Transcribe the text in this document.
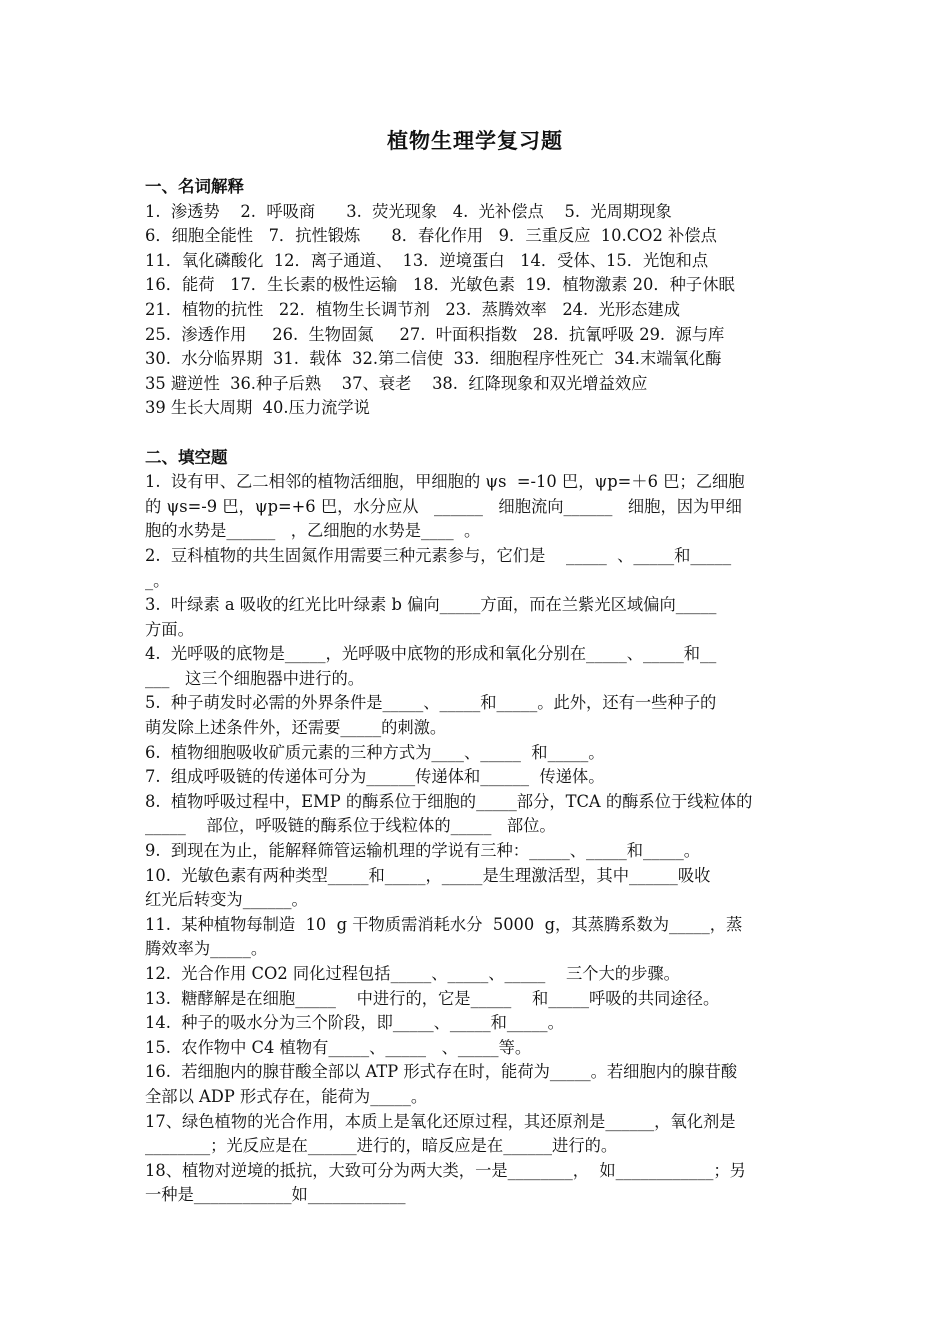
植物生理学复习题
一、名词解释
1.  渗透势    2.  呼吸商      3.  荧光现象   4.  光补偿点    5.  光周期现象
6．细胞全能性   7．抗性锻炼      8．春化作用   9．三重反应  10.CO2 补偿点
11．氧化磷酸化  12．离子通道、  13．逆境蛋白   14．受体、15．光饱和点
16．能荷   17．生长素的极性运输   18．光敏色素  19．植物激素 20．种子休眠
21．植物的抗性   22．植物生长调节剂   23.  蒸腾效率   24.  光形态建成
25.  渗透作用     26.  生物固氮     27.  叶面积指数   28.  抗氰呼吸 29.  源与库
30.  水分临界期  31.  载体  32.第二信使  33.  细胞程序性死亡  34.末端氧化酶
35 避逆性  36.种子后熟    37、衰老    38.  红降现象和双光增益效应
39 生长大周期  40.压力流学说
二、填空题
1.  设有甲、乙二相邻的植物活细胞，甲细胞的 ψs  =-10 巴，ψp=＋6 巴；乙细胞
的 ψs=-9 巴，ψp=+6 巴，水分应从   ______   细胞流向______   细胞，因为甲细
胞的水势是______   ，乙细胞的水势是____  。
2.  豆科植物的共生固氮作用需要三种元素参与，它们是    _____  、_____和_____
_。
3.  叶绿素 a 吸收的红光比叶绿素 b 偏向_____方面，而在兰紫光区域偏向_____
方面。
4.  光呼吸的底物是_____，光呼吸中底物的形成和氧化分别在_____、_____和__
___   这三个细胞器中进行的。
5.  种子萌发时必需的外界条件是_____、_____和_____。此外，还有一些种子的
萌发除上述条件外，还需要_____的刺激。
6.  植物细胞吸收矿质元素的三种方式为____、_____  和_____。
7.  组成呼吸链的传递体可分为______传递体和______  传递体。
8.  植物呼吸过程中，EMP 的酶系位于细胞的_____部分，TCA 的酶系位于线粒体的
_____    部位，呼吸链的酶系位于线粒体的_____   部位。
9.  到现在为止，能解释筛管运输机理的学说有三种：_____、_____和_____。
10.  光敏色素有两种类型_____和_____，_____是生理激活型，其中______吸收
红光后转变为______。
11.  某种植物每制造  10  g 干物质需消耗水分  5000  g，其蒸腾系数为_____，蒸
腾效率为_____。
12.  光合作用 CO2 同化过程包括_____、_____、_____    三个大的步骤。
13.  糖酵解是在细胞_____    中进行的，它是_____    和_____呼吸的共同途径。
14.  种子的吸水分为三个阶段，即_____、_____和_____。
15.  农作物中 C4 植物有_____、_____   、_____等。
16.  若细胞内的腺苷酸全部以 ATP 形式存在时，能荷为_____。若细胞内的腺苷酸
全部以 ADP 形式存在，能荷为_____。
17、绿色植物的光合作用，本质上是氧化还原过程，其还原剂是______，氧化剂是
________；光反应是在______进行的，暗反应是在______进行的。
18、植物对逆境的抵抗，大致可分为两大类，一是________，  如____________；另
一种是____________如____________
